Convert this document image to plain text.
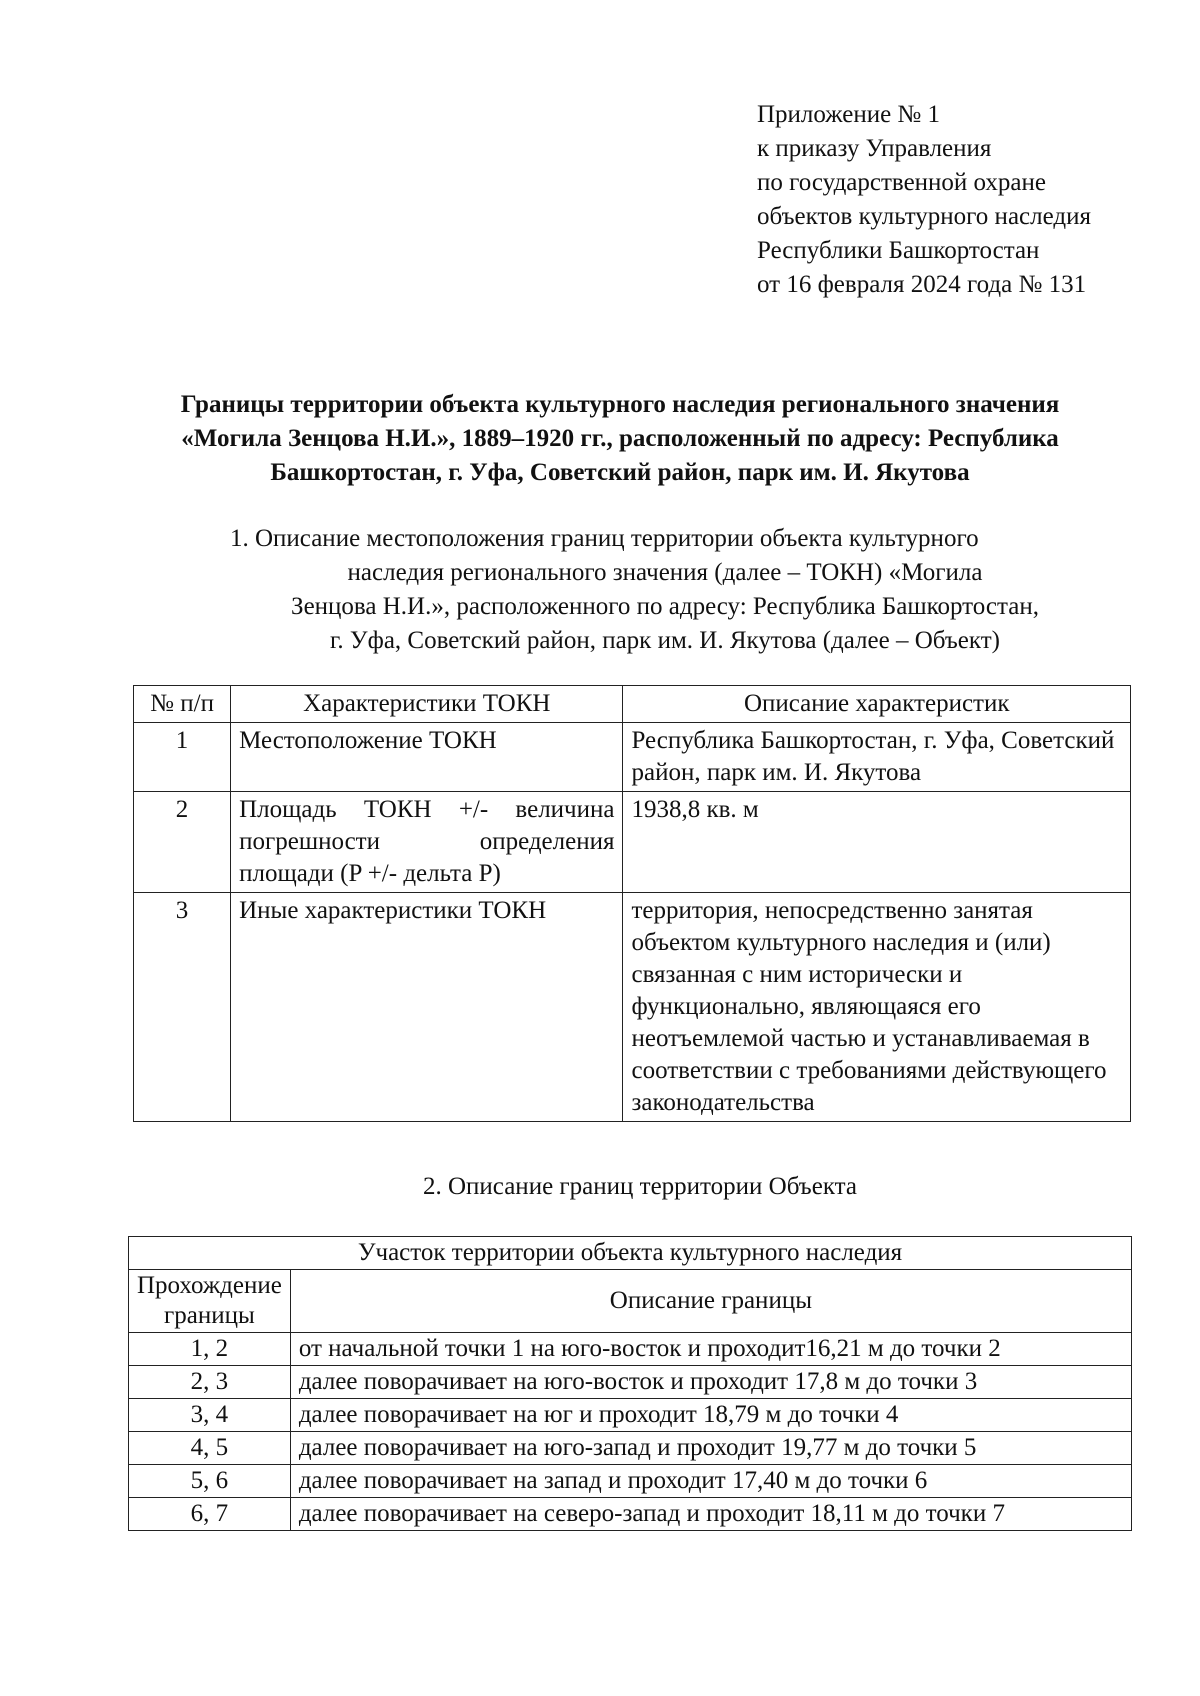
Приложение № 1
к приказу Управления
по государственной охране
объектов культурного наследия
Республики Башкортостан
от 16 февраля 2024 года № 131
Границы территории объекта культурного наследия регионального значения
«Могила Зенцова Н.И.», 1889–1920 гг., расположенный по адресу: Республика
Башкортостан, г. Уфа, Советский район, парк им. И. Якутова
1. Описание местоположения границ территории объекта культурного
наследия регионального значения (далее – ТОКН) «Могила
Зенцова Н.И.», расположенного по адресу: Республика Башкортостан,
г. Уфа, Советский район, парк им. И. Якутова (далее – Объект)
№ п/п	Характеристики ТОКН	Описание характеристик
1	Местоположение ТОКН	Республика Башкортостан, г. Уфа, Советский район, парк им. И. Якутова
2	Площадь ТОКН +/- величина погрешности определения площади (P +/- дельта P)	1938,8 кв. м
3	Иные характеристики ТОКН	территория, непосредственно занятая объектом культурного наследия и (или) связанная с ним исторически и функционально, являющаяся его неотъемлемой частью и устанавливаемая в соответствии с требованиями действующего законодательства
2. Описание границ территории Объекта
Участок территории объекта культурного наследия	
Прохождение границы	Описание границы
1, 2	от начальной точки 1 на юго-восток и проходит16,21 м до точки 2
2, 3	далее поворачивает на юго-восток и проходит 17,8 м до точки 3
3, 4	далее поворачивает на юг и проходит 18,79 м до точки 4
4, 5	далее поворачивает на юго-запад и проходит 19,77 м до точки 5
5, 6	далее поворачивает на запад и проходит 17,40 м до точки 6
6, 7	далее поворачивает на северо-запад и проходит 18,11 м до точки 7
